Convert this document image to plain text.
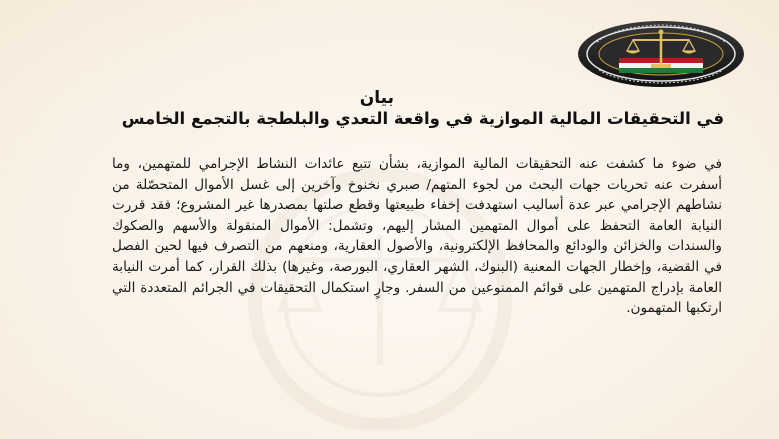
بيان
في التحقيقات المالية الموازية في واقعة التعدي والبلطجة بالتجمع الخامس
في ضوء ما كشفت عنه التحقيقات المالية الموازية، بشأن تتبع عائدات النشاط الإجرامي للمتهمين، وما أسفرت عنه تحريات جهات البحث من لجوء المتهم/ صبري نخنوخ وآخرين إلى غسل الأموال المتحصّلة من نشاطهم الإجرامي عبر عدة أساليب استهدفت إخفاء طبيعتها وقطع صلتها بمصدرها غير المشروع؛ فقد قررت النيابة العامة التحفظ على أموال المتهمين المشار إليهم، وتشمل: الأموال المنقولة والأسهم والصكوك والسندات والخزائن والودائع والمحافظ الإلكترونية، والأصول العقارية، ومنعهم من التصرف فيها لحين الفصل في القضية، وإخطار الجهات المعنية (البنوك، الشهر العقاري، البورصة، وغيرها) بذلك القرار، كما أمرت النيابة العامة بإدراج المتهمين على قوائم الممنوعين من السفر. وجارٍ استكمال التحقيقات في الجرائم المتعددة التي ارتكبها المتهمون.
